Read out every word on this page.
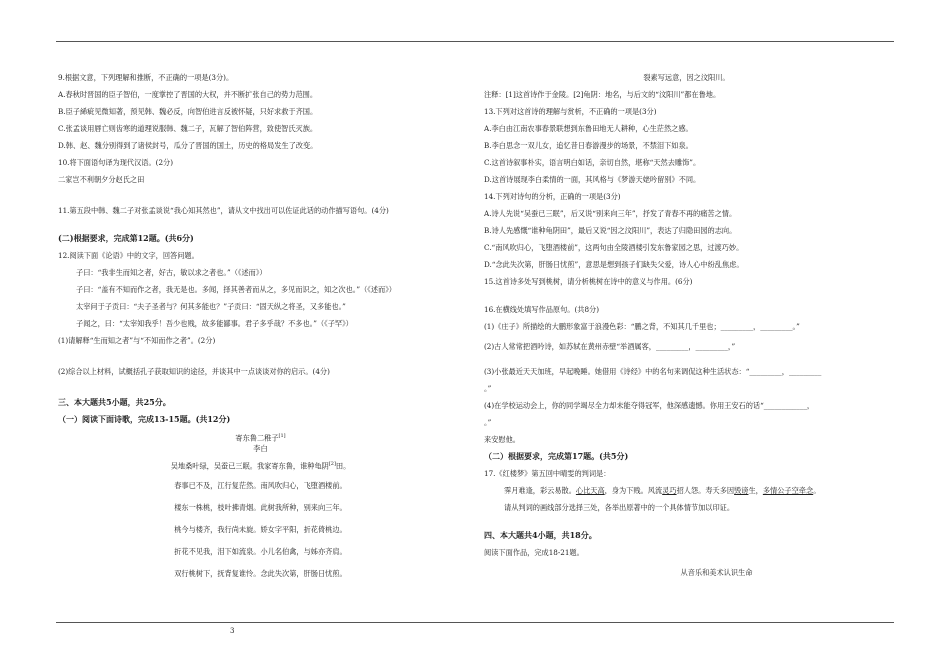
9.根据文意，下列理解和推断，不正确的一项是(3分)。
A.春秋时晋国的臣子智伯，一度掌控了晋国的大权，并不断扩张自己的势力范围。
B.臣子絺疵见微知著，预见韩、魏必反，向智伯进言反被怀疑，只好求救于齐国。
C.张孟谈用唇亡则齿寒的道理说服韩、魏二子，瓦解了智伯阵营，致使智氏灭族。
D.韩、赵、魏分别得到了诸侯封号，瓜分了晋国的国土，历史的格局发生了改变。
10.将下面语句译为现代汉语。(2分)
二家岂不利朝夕分赵氏之田
11.第五段中韩、魏二子对张孟谈说“我心知其然也”，请从文中找出可以佐证此话的动作描写语句。(4分)
(二)根据要求，完成第12题。(共6分)
12.阅读下面《论语》中的文字，回答问题。
子曰：“我非生而知之者，好古，敏以求之者也。”（《述而》）
子曰：“盖有不知而作之者，我无是也。多闻，择其善者而从之，多见而识之，知之次也。”（《述而》）
太宰问于子贡曰：“夫子圣者与？何其多能也？”子贡曰：“固天纵之将圣，又多能也。”
子闻之，曰：“太宰知我乎！吾少也贱，故多能鄙事。君子多乎哉？不多也。”（《子罕》）
(1)请解释“生而知之者”与“不知而作之者”。(2分)
(2)综合以上材料，试概括孔子获取知识的途径，并谈其中一点谈谈对你的启示。(4分)
三、本大题共5小题，共25分。
（一）阅读下面诗歌，完成13-15题。(共12分)
寄东鲁二稚子[1]
李白
吴地桑叶绿，吴蚕已三眠。我家寄东鲁，谁种龟阴[2]田。
春事已不及，江行复茫然。南风吹归心，飞堕酒楼前。
楼东一株桃，枝叶拂青烟。此树我所种，别来向三年。
桃今与楼齐，我行尚未旋。娇女字平阳，折花倚桃边。
折花不见我，泪下如流泉。小儿名伯禽，与姊亦齐肩。
双行桃树下，抚背复谁怜。念此失次第，肝肠日忧煎。
裂素写远意，因之汶阳川。
注释：[1]这首诗作于金陵。[2]龟阴：地名，与后文的“汶阳川”都在鲁地。
13.下列对这首诗的理解与赏析，不正确的一项是(3分)
A.李白由江南农事春景联想到东鲁田地无人耕种，心生茫然之感。
B.李白思念一双儿女，追忆昔日春游漫步的场景，不禁泪下如泉。
C.这首诗叙事朴实，语言明白如话，亲切自然，堪称“天然去雕饰”。
D.这首诗展现李白柔情的一面，其风格与《梦游天姥吟留别》不同。
14.下列对诗句的分析，正确的一项是(3分)
A.诗人先说“吴蚕已三眠”，后又说“别来向三年”，抒发了青春不再的痛苦之情。
B.诗人先感慨“谁种龟阴田”，最后又说“因之汶阳川”，表达了归隐田园的志向。
C.“南风吹归心，飞堕酒楼前”，这两句由全陵酒楼引发东鲁家园之思，过渡巧妙。
D.“念此失次第，肝肠日忧煎”，意思是想到孩子们缺失父爱，诗人心中纷乱焦虑。
15.这首诗多处写到桃树，请分析桃树在诗中的意义与作用。(6分)
16.在横线处填写作品原句。(共8分)
(1)《庄子》所描绘的大鹏形象富于浪漫色彩：“鹏之背，不知其几千里也；_________，_________。”
(2)古人常常把酒吟诗，如苏轼在黄州赤壁“举酒属客，_________，_________，”
(3)小张最近天天加班，早起晚睡。她借用《诗经》中的名句来调侃这种生活状态：“_________，_________
。”
(4)在学校运动会上，你的同学竭尽全力却未能夺得冠军，他深感遗憾。你用王安石的话“____________，
。”
来安慰他。
（二）根据要求，完成第17题。(共5分)
17.《红楼梦》第五回中晴雯的判词是：
霁月难逢，彩云易散。心比天高，身为下贱。风流灵巧招人怨。寿夭多因毁谤生，多情公子空牵念。
请从判词的画线部分选择三处，各举出原著中的一个具体情节加以印证。
四、本大题共4小题，共18分。
阅读下面作品，完成18-21题。
从音乐和美术认识生命
3
